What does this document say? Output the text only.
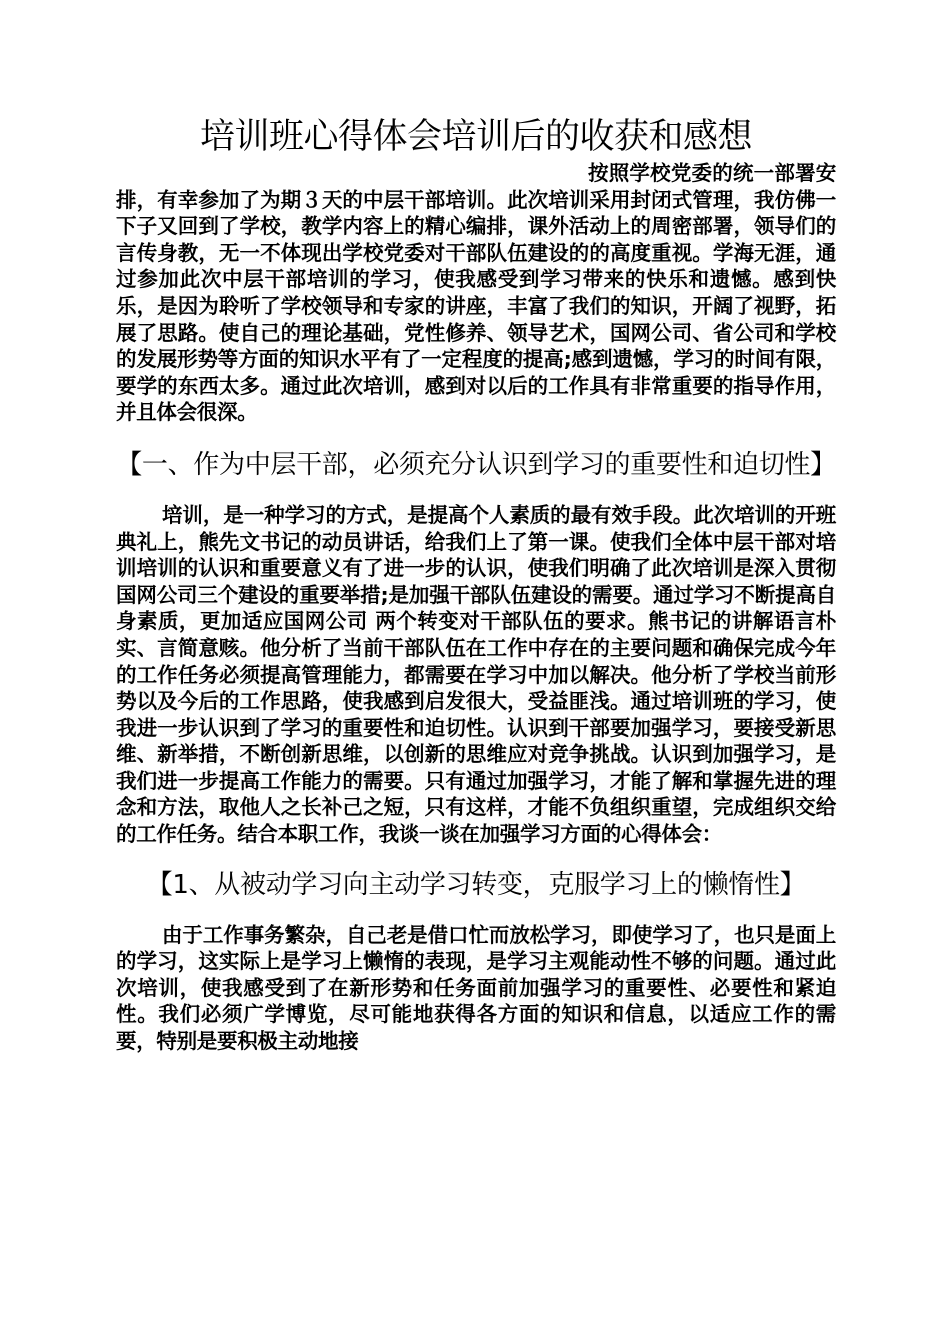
培训班心得体会培训后的收获和感想

按照学校党委的统一部署安排，有幸参加了为期３天的中层干部培训。此次培训采用封闭式管理，我仿佛一下子又回到了学校，教学内容上的精心编排，课外活动上的周密部署，领导们的言传身教，无一不体现出学校党委对干部队伍建设的的高度重视。学海无涯，通过参加此次中层干部培训的学习，使我感受到学习带来的快乐和遗憾。感到快乐，是因为聆听了学校领导和专家的讲座，丰富了我们的知识，开阔了视野，拓展了思路。使自己的理论基础，党性修养、领导艺术，国网公司、省公司和学校的发展形势等方面的知识水平有了一定程度的提高;感到遗憾，学习的时间有限，要学的东西太多。通过此次培训，感到对以后的工作具有非常重要的指导作用，并且体会很深。

【一、作为中层干部，必须充分认识到学习的重要性和迫切性】

培训，是一种学习的方式，是提高个人素质的最有效手段。此次培训的开班典礼上，熊先文书记的动员讲话，给我们上了第一课。使我们全体中层干部对培训培训的认识和重要意义有了进一步的认识，使我们明确了此次培训是深入贯彻国网公司三个建设的重要举措;是加强干部队伍建设的需要。通过学习不断提高自身素质，更加适应国网公司 两个转变对干部队伍的要求。熊书记的讲解语言朴实、言简意赅。他分析了当前干部队伍在工作中存在的主要问题和确保完成今年的工作任务必须提高管理能力，都需要在学习中加以解决。他分析了学校当前形势以及今后的工作思路，使我感到启发很大，受益匪浅。通过培训班的学习，使我进一步认识到了学习的重要性和迫切性。认识到干部要加强学习，要接受新思维、新举措，不断创新思维，以创新的思维应对竞争挑战。认识到加强学习，是我们进一步提高工作能力的需要。只有通过加强学习，才能了解和掌握先进的理念和方法，取他人之长补己之短，只有这样，才能不负组织重望，完成组织交给的工作任务。结合本职工作，我谈一谈在加强学习方面的心得体会：

【1、从被动学习向主动学习转变，克服学习上的懒惰性】

由于工作事务繁杂，自己老是借口忙而放松学习，即使学习了，也只是面上的学习，这实际上是学习上懒惰的表现，是学习主观能动性不够的问题。通过此次培训，使我感受到了在新形势和任务面前加强学习的重要性、必要性和紧迫性。我们必须广学博览，尽可能地获得各方面的知识和信息，以适应工作的需要，特别是要积极主动地接
